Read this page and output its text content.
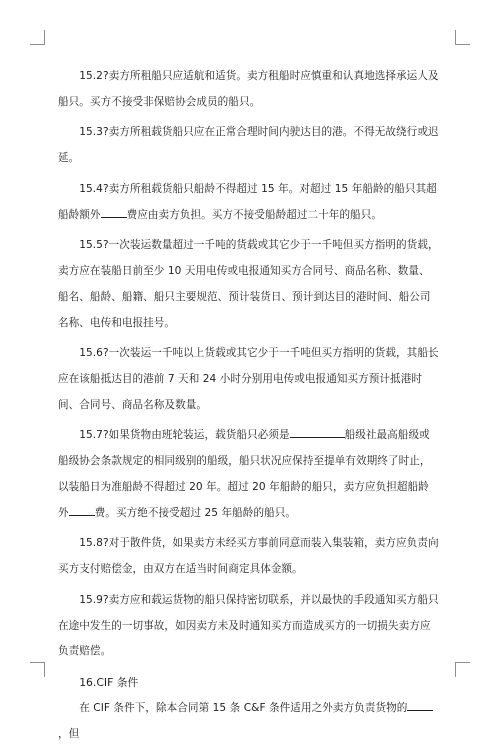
15.2?卖方所租船只应适航和适货。卖方租船时应慎重和认真地选择承运人及船只。买方不接受非保赔协会成员的船只。

15.3?卖方所租载货船只应在正常合理时间内驶达目的港。不得无故绕行或迟延。

15.4?卖方所租载货船只船龄不得超过 15 年。对超过 15 年船龄的船只其超船龄额外 费应由卖方负担。买方不接受船龄超过二十年的船只。

15.5?一次装运数量超过一千吨的货载或其它少于一千吨但买方指明的货载，卖方应在装船日前至少 10 天用电传或电报通知买方合同号、商品名称、数量、船名、船龄、船籍、船只主要规范、预计装货日、预计到达目的港时间、船公司名称、电传和电报挂号。

15.6?一次装运一千吨以上货载或其它少于一千吨但买方指明的货载，其船长应在该船抵达目的港前 7 天和 24 小时分别用电传或电报通知买方预计抵港时间、合同号、商品名称及数量。

15.7?如果货物由班轮装运，载货船只必须是	船级社最高船级或船级协会条款规定的相同级别的船级，船只状况应保持至提单有效期终了时止，以装船日为准船龄不得超过 20 年。超过 20 年船龄的船只，卖方应负担超船龄外 费。买方绝不接受超过 25 年船龄的船只。

15.8?对于散件货，如果卖方未经买方事前同意而装入集装箱，卖方应负责向买方支付赔偿金，由双方在适当时间商定具体金额。

15.9?卖方应和载运货物的船只保持密切联系，并以最快的手段通知买方船只在途中发生的一切事故，如因卖方未及时通知买方而造成买方的一切损失卖方应负责赔偿。

16.CIF 条件

在 CIF 条件下，除本合同第 15 条 C&F 条件适用之外卖方负责货物的，但
